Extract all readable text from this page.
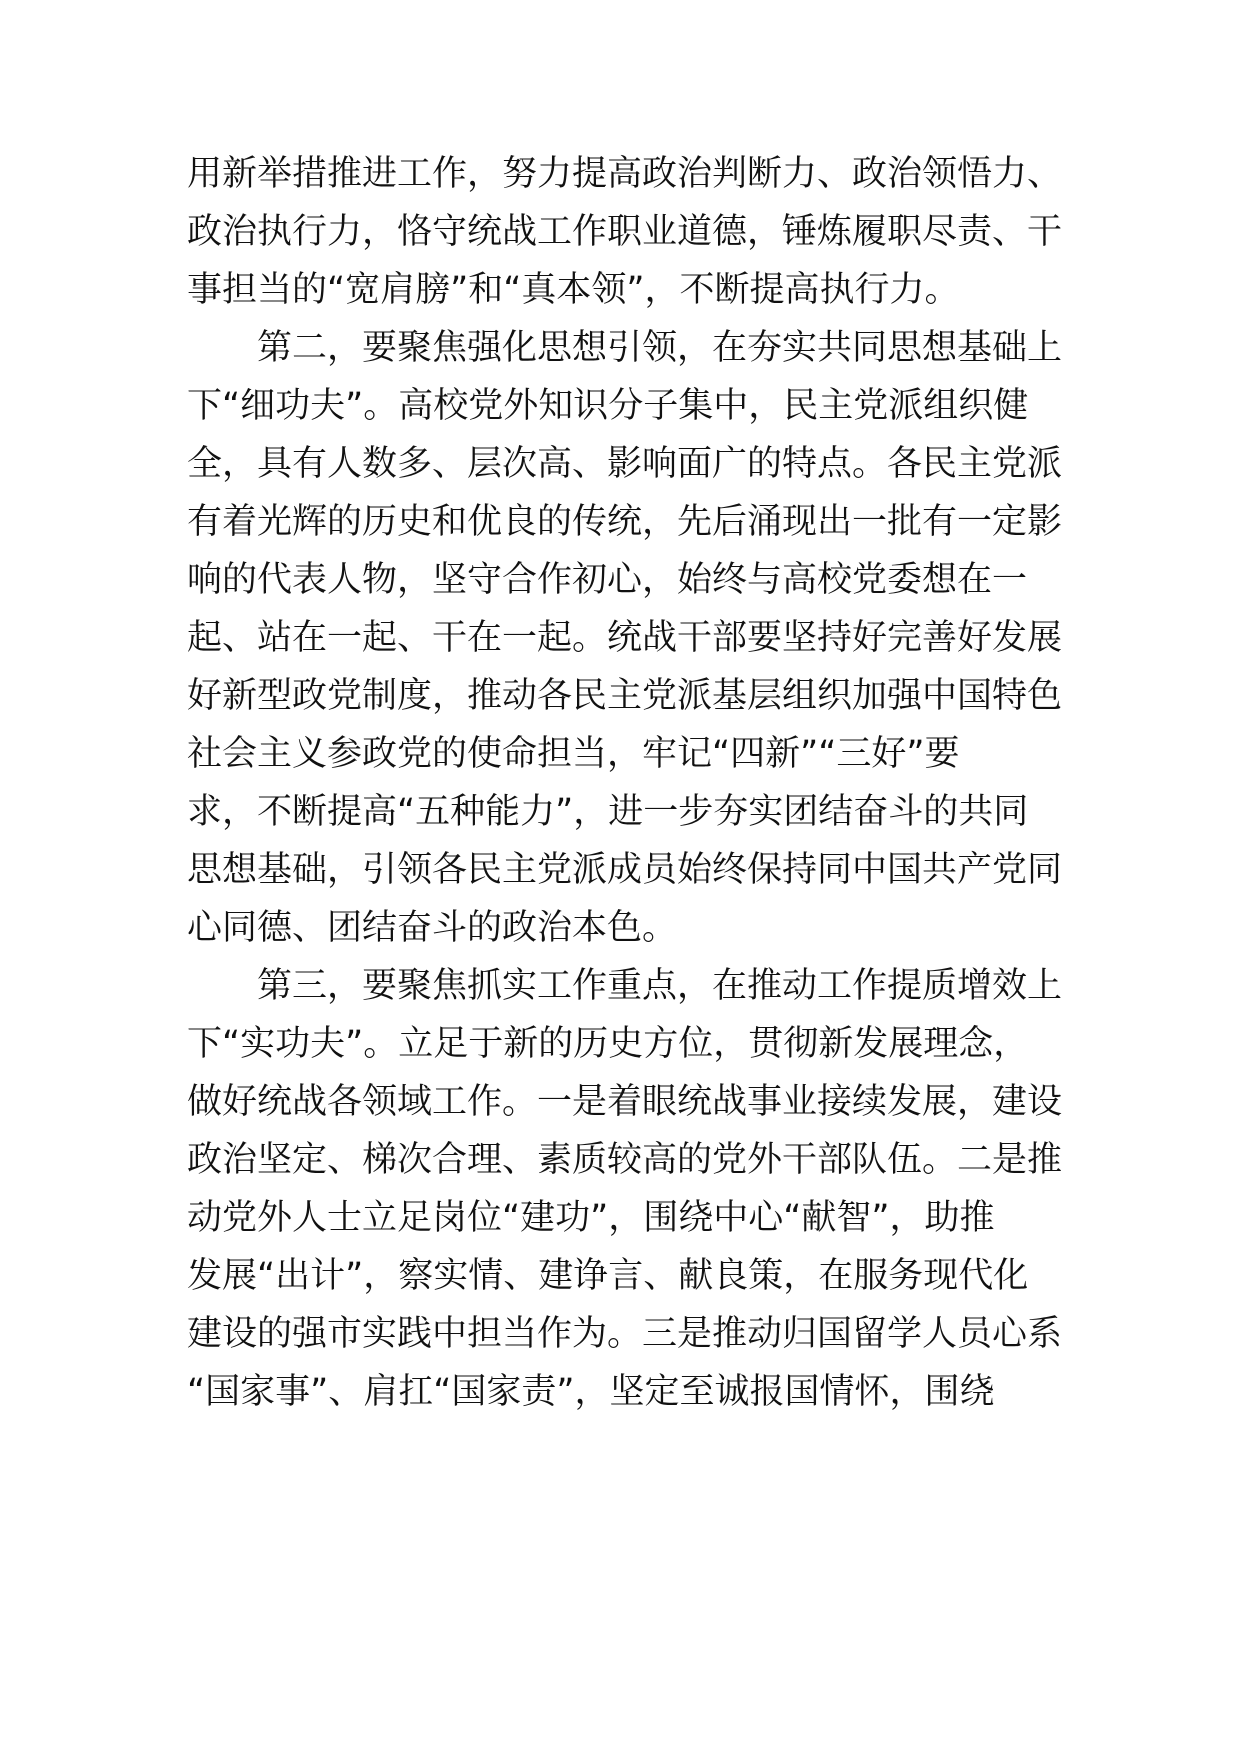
用新举措推进工作，努力提高政治判断力、政治领悟力、
政治执行力，恪守统战工作职业道德，锤炼履职尽责、干
事担当的“宽肩膀”和“真本领”，不断提高执行力。
第二，要聚焦强化思想引领，在夯实共同思想基础上
下“细功夫”。高校党外知识分子集中，民主党派组织健
全，具有人数多、层次高、影响面广的特点。各民主党派
有着光辉的历史和优良的传统，先后涌现出一批有一定影
响的代表人物，坚守合作初心，始终与高校党委想在一
起、站在一起、干在一起。统战干部要坚持好完善好发展
好新型政党制度，推动各民主党派基层组织加强中国特色
社会主义参政党的使命担当，牢记“四新”“三好”要
求，不断提高“五种能力”，进一步夯实团结奋斗的共同
思想基础，引领各民主党派成员始终保持同中国共产党同
心同德、团结奋斗的政治本色。
第三，要聚焦抓实工作重点，在推动工作提质增效上
下“实功夫”。立足于新的历史方位，贯彻新发展理念，
做好统战各领域工作。一是着眼统战事业接续发展，建设
政治坚定、梯次合理、素质较高的党外干部队伍。二是推
动党外人士立足岗位“建功”，围绕中心“献智”，助推
发展“出计”，察实情、建诤言、献良策，在服务现代化
建设的强市实践中担当作为。三是推动归国留学人员心系
“国家事”、肩扛“国家责”，坚定至诚报国情怀，围绕
